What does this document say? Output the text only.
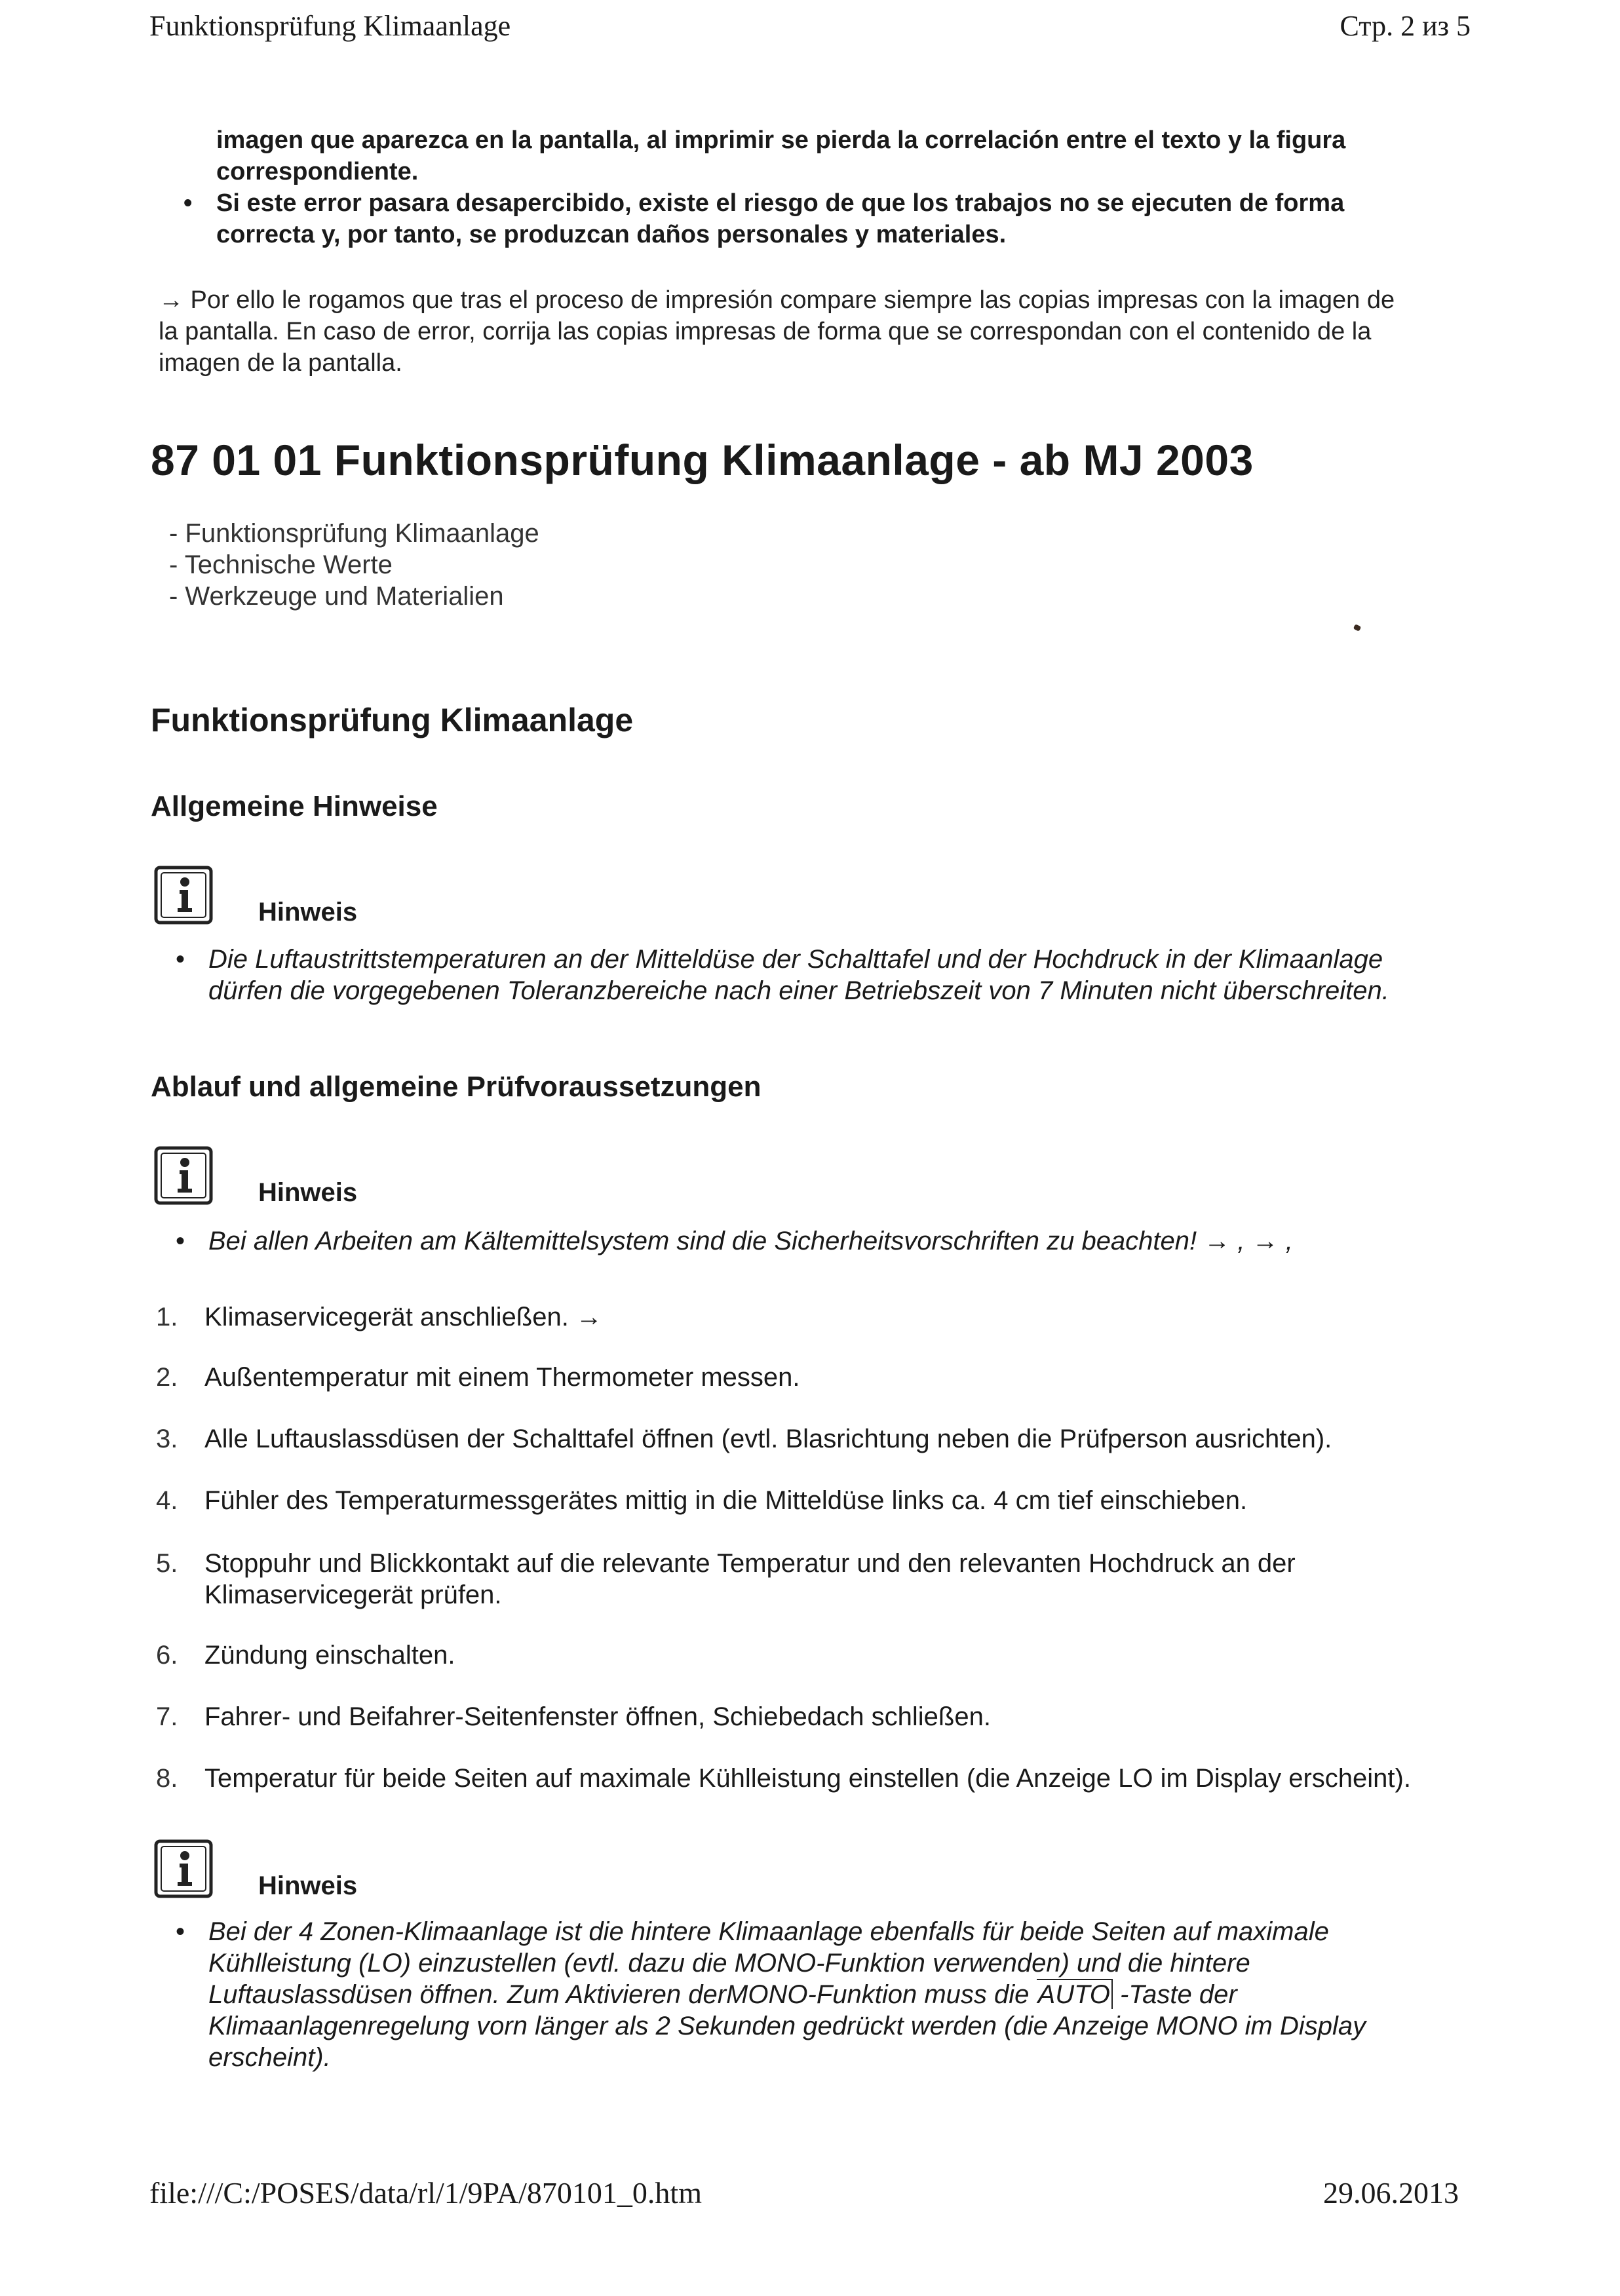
Funktionsprüfung Klimaanlage	Стр. 2 из 5
imagen que aparezca en la pantalla, al imprimir se pierda la correlación entre el texto y la figura correspondiente.
• Si este error pasara desapercibido, existe el riesgo de que los trabajos no se ejecuten de forma correcta y, por tanto, se produzcan daños personales y materiales.
→ Por ello le rogamos que tras el proceso de impresión compare siempre las copias impresas con la imagen de la pantalla. En caso de error, corrija las copias impresas de forma que se correspondan con el contenido de la imagen de la pantalla.
87 01 01 Funktionsprüfung Klimaanlage - ab MJ 2003
- Funktionsprüfung Klimaanlage
- Technische Werte
- Werkzeuge und Materialien
Funktionsprüfung Klimaanlage
Allgemeine Hinweise
Hinweis
• Die Luftaustrittstemperaturen an der Mitteldüse der Schalttafel und der Hochdruck in der Klimaanlage dürfen die vorgegebenen Toleranzbereiche nach einer Betriebszeit von 7 Minuten nicht überschreiten.
Ablauf und allgemeine Prüfvoraussetzungen
Hinweis
• Bei allen Arbeiten am Kältemittelsystem sind die Sicherheitsvorschriften zu beachten! → , → ,
1. Klimaservicegerät anschließen. →
2. Außentemperatur mit einem Thermometer messen.
3. Alle Luftauslassdüsen der Schalttafel öffnen (evtl. Blasrichtung neben die Prüfperson ausrichten).
4. Fühler des Temperaturmessgerätes mittig in die Mitteldüse links ca. 4 cm tief einschieben.
5. Stoppuhr und Blickkontakt auf die relevante Temperatur und den relevanten Hochdruck an der Klimaservicegerät prüfen.
6. Zündung einschalten.
7. Fahrer- und Beifahrer-Seitenfenster öffnen, Schiebedach schließen.
8. Temperatur für beide Seiten auf maximale Kühlleistung einstellen (die Anzeige LO im Display erscheint).
Hinweis
• Bei der 4 Zonen-Klimaanlage ist die hintere Klimaanlage ebenfalls für beide Seiten auf maximale Kühlleistung (LO) einzustellen (evtl. dazu die MONO-Funktion verwenden) und die hintere Luftauslassdüsen öffnen. Zum Aktivieren derMONO-Funktion muss die AUTO -Taste der Klimaanlagenregelung vorn länger als 2 Sekunden gedrückt werden (die Anzeige MONO im Display erscheint).
file:///C:/POSES/data/rl/1/9PA/870101_0.htm	29.06.2013
